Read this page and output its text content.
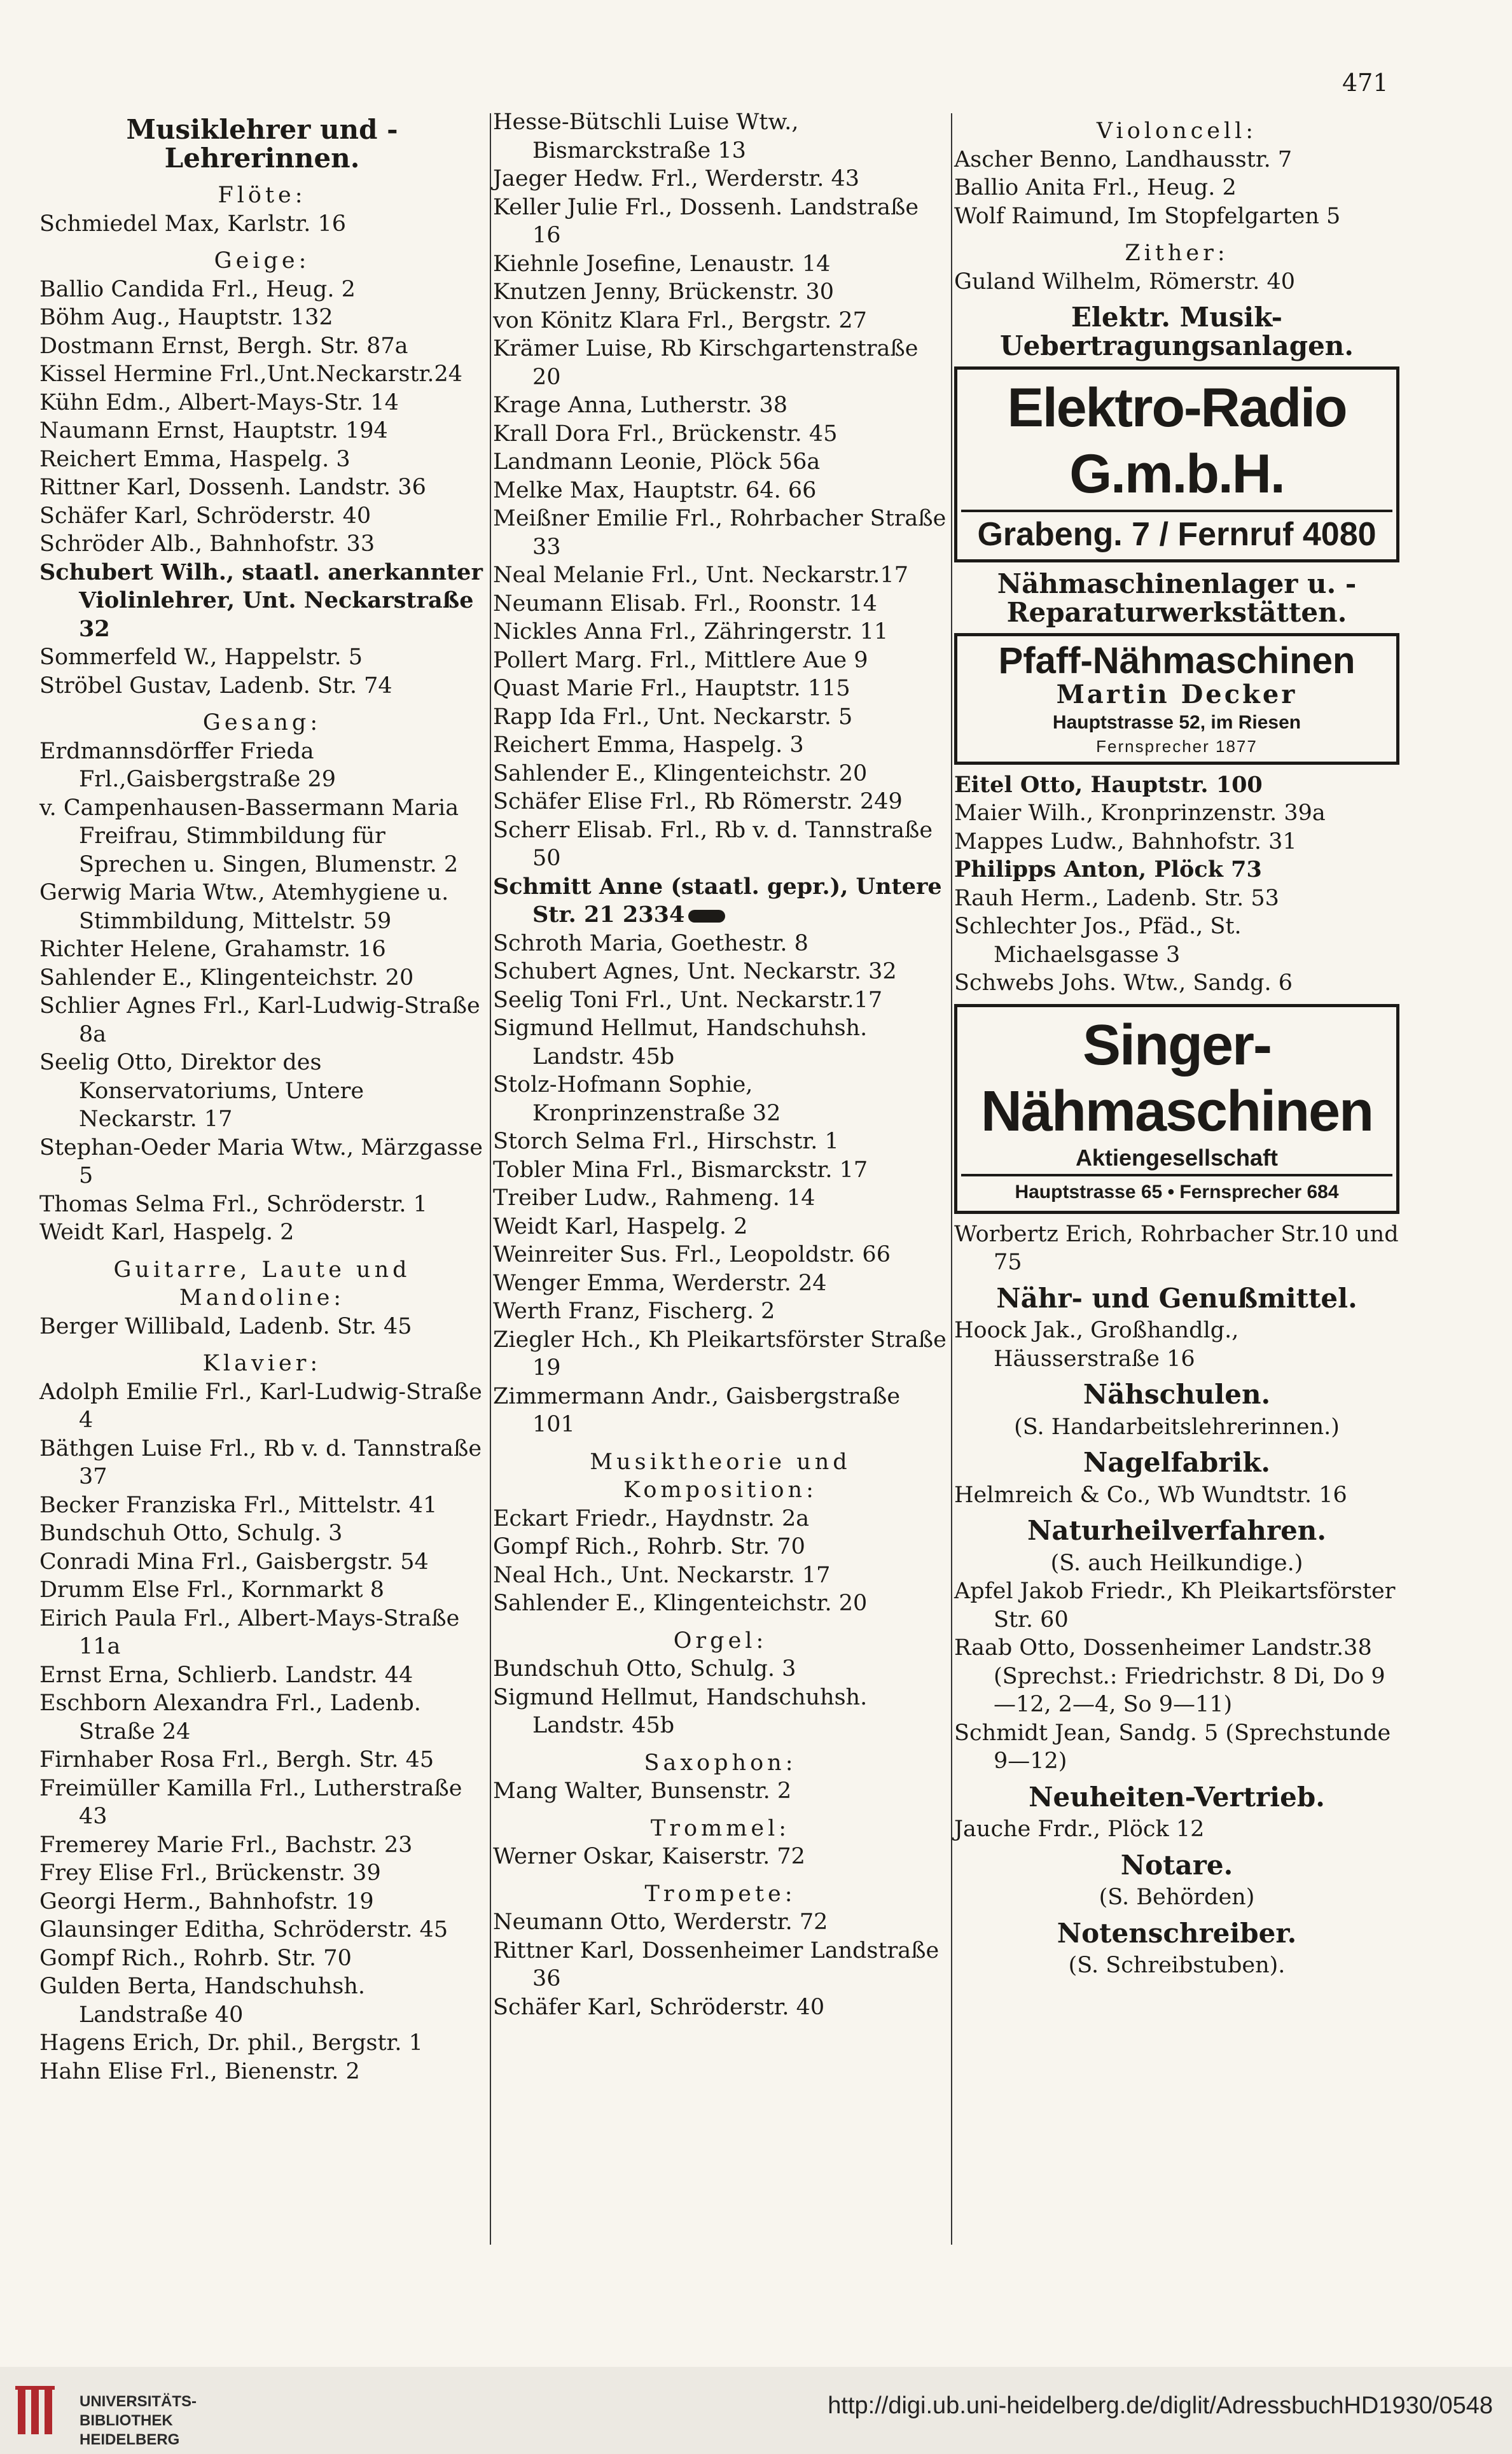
471
Musiklehrer und -Lehrerinnen.
Flöte:
Schmiedel Max, Karlstr. 16
Geige:
Ballio Candida Frl., Heug. 2
Böhm Aug., Hauptstr. 132
Dostmann Ernst, Bergh. Str. 87a
Kissel Hermine Frl.,Unt.Neckarstr.24
Kühn Edm., Albert-Mays-Str. 14
Naumann Ernst, Hauptstr. 194
Reichert Emma, Haspelg. 3
Rittner Karl, Dossenh. Landstr. 36
Schäfer Karl, Schröderstr. 40
Schröder Alb., Bahnhofstr. 33
Schubert Wilh., staatl. anerkannter Violinlehrer, Unt. Neckarstraße 32
Sommerfeld W., Happelstr. 5
Ströbel Gustav, Ladenb. Str. 74
Gesang:
Erdmannsdörffer Frieda Frl.,Gaisbergstraße 29
v. Campenhausen-Bassermann Maria Freifrau, Stimmbildung für Sprechen u. Singen, Blumenstr. 2
Gerwig Maria Wtw., Atemhygiene u. Stimmbildung, Mittelstr. 59
Richter Helene, Grahamstr. 16
Sahlender E., Klingenteichstr. 20
Schlier Agnes Frl., Karl-Ludwig-Straße 8a
Seelig Otto, Direktor des Konservatoriums, Untere Neckarstr. 17
Stephan-Oeder Maria Wtw., Märzgasse 5
Thomas Selma Frl., Schröderstr. 1
Weidt Karl, Haspelg. 2
Guitarre, Laute und Mandoline:
Berger Willibald, Ladenb. Str. 45
Klavier:
Adolph Emilie Frl., Karl-Ludwig-Straße 4
Bäthgen Luise Frl., Rb v. d. Tannstraße 37
Becker Franziska Frl., Mittelstr. 41
Bundschuh Otto, Schulg. 3
Conradi Mina Frl., Gaisbergstr. 54
Drumm Else Frl., Kornmarkt 8
Eirich Paula Frl., Albert-Mays-Straße 11a
Ernst Erna, Schlierb. Landstr. 44
Eschborn Alexandra Frl., Ladenb. Straße 24
Firnhaber Rosa Frl., Bergh. Str. 45
Freimüller Kamilla Frl., Lutherstraße 43
Fremerey Marie Frl., Bachstr. 23
Frey Elise Frl., Brückenstr. 39
Georgi Herm., Bahnhofstr. 19
Glaunsinger Editha, Schröderstr. 45
Gompf Rich., Rohrb. Str. 70
Gulden Berta, Handschuhsh. Landstraße 40
Hagens Erich, Dr. phil., Bergstr. 1
Hahn Elise Frl., Bienenstr. 2
Hesse-Bütschli Luise Wtw., Bismarckstraße 13
Jaeger Hedw. Frl., Werderstr. 43
Keller Julie Frl., Dossenh. Landstraße 16
Kiehnle Josefine, Lenaustr. 14
Knutzen Jenny, Brückenstr. 30
von Könitz Klara Frl., Bergstr. 27
Krämer Luise, Rb Kirschgartenstraße 20
Krage Anna, Lutherstr. 38
Krall Dora Frl., Brückenstr. 45
Landmann Leonie, Plöck 56a
Melke Max, Hauptstr. 64. 66
Meißner Emilie Frl., Rohrbacher Straße 33
Neal Melanie Frl., Unt. Neckarstr.17
Neumann Elisab. Frl., Roonstr. 14
Nickles Anna Frl., Zähringerstr. 11
Pollert Marg. Frl., Mittlere Aue 9
Quast Marie Frl., Hauptstr. 115
Rapp Ida Frl., Unt. Neckarstr. 5
Reichert Emma, Haspelg. 3
Sahlender E., Klingenteichstr. 20
Schäfer Elise Frl., Rb Römerstr. 249
Scherr Elisab. Frl., Rb v. d. Tannstraße 50
Schmitt Anne (staatl. gepr.), Untere Str. 21 2334
Schroth Maria, Goethestr. 8
Schubert Agnes, Unt. Neckarstr. 32
Seelig Toni Frl., Unt. Neckarstr.17
Sigmund Hellmut, Handschuhsh. Landstr. 45b
Stolz-Hofmann Sophie, Kronprinzenstraße 32
Storch Selma Frl., Hirschstr. 1
Tobler Mina Frl., Bismarckstr. 17
Treiber Ludw., Rahmeng. 14
Weidt Karl, Haspelg. 2
Weinreiter Sus. Frl., Leopoldstr. 66
Wenger Emma, Werderstr. 24
Werth Franz, Fischerg. 2
Ziegler Hch., Kh Pleikartsförster Straße 19
Zimmermann Andr., Gaisbergstraße 101
Musiktheorie und Komposition:
Eckart Friedr., Haydnstr. 2a
Gompf Rich., Rohrb. Str. 70
Neal Hch., Unt. Neckarstr. 17
Sahlender E., Klingenteichstr. 20
Orgel:
Bundschuh Otto, Schulg. 3
Sigmund Hellmut, Handschuhsh. Landstr. 45b
Saxophon:
Mang Walter, Bunsenstr. 2
Trommel:
Werner Oskar, Kaiserstr. 72
Trompete:
Neumann Otto, Werderstr. 72
Rittner Karl, Dossenheimer Landstraße 36
Schäfer Karl, Schröderstr. 40
Violoncell:
Ascher Benno, Landhausstr. 7
Ballio Anita Frl., Heug. 2
Wolf Raimund, Im Stopfelgarten 5
Zither:
Guland Wilhelm, Römerstr. 40
Elektr. Musik-Uebertragungsanlagen.
Elektro-Radio G.m.b.H.
Grabeng. 7 / Fernruf 4080
Nähmaschinenlager u. -Reparaturwerkstätten.
Pfaff-Nähmaschinen
Martin Decker
Hauptstrasse 52, im Riesen
Fernsprecher 1877
Eitel Otto, Hauptstr. 100
Maier Wilh., Kronprinzenstr. 39a
Mappes Ludw., Bahnhofstr. 31
Philipps Anton, Plöck 73
Rauh Herm., Ladenb. Str. 53
Schlechter Jos., Pfäd., St. Michaelsgasse 3
Schwebs Johs. Wtw., Sandg. 6
Singer-Nähmaschinen
Aktiengesellschaft
Hauptstrasse 65 • Fernsprecher 684
Worbertz Erich, Rohrbacher Str.10 und 75
Nähr- und Genußmittel.
Hoock Jak., Großhandlg., Häusserstraße 16
Nähschulen.
(S. Handarbeitslehrerinnen.)
Nagelfabrik.
Helmreich & Co., Wb Wundtstr. 16
Naturheilverfahren.
(S. auch Heilkundige.)
Apfel Jakob Friedr., Kh Pleikartsförster Str. 60
Raab Otto, Dossenheimer Landstr.38 (Sprechst.: Friedrichstr. 8 Di, Do 9—12, 2—4, So 9—11)
Schmidt Jean, Sandg. 5 (Sprechstunde 9—12)
Neuheiten-Vertrieb.
Jauche Frdr., Plöck 12
Notare.
(S. Behörden)
Notenschreiber.
(S. Schreibstuben).
UNIVERSITÄTS-
BIBLIOTHEK
HEIDELBERG
http://digi.ub.uni-heidelberg.de/diglit/AdressbuchHD1930/0548
